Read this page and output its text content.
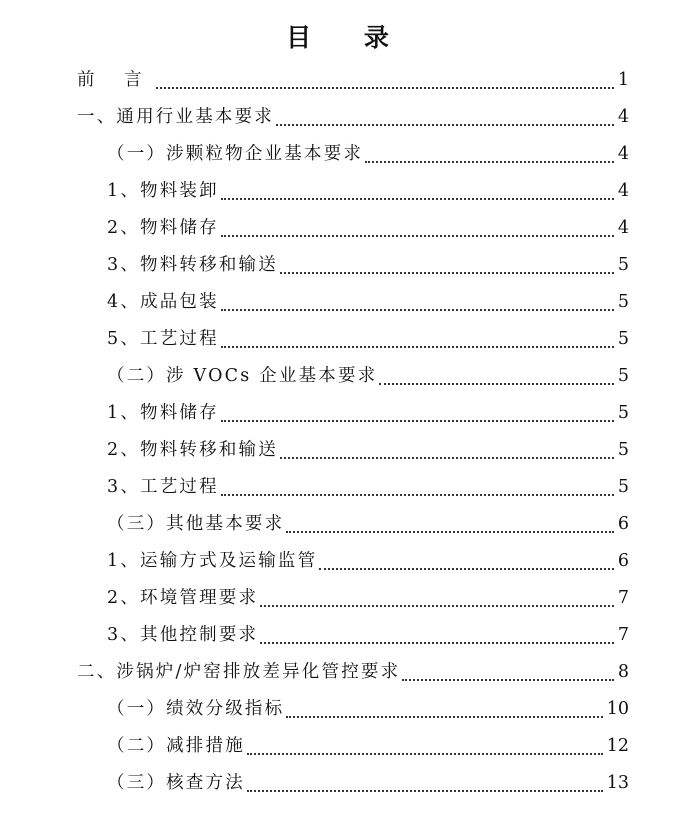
目 录
前 言	1
一、通用行业基本要求	4
（一）涉颗粒物企业基本要求	4
1、物料装卸	4
2、物料储存	4
3、物料转移和输送	5
4、成品包装	5
5、工艺过程	5
（二）涉 VOCs 企业基本要求	5
1、物料储存	5
2、物料转移和输送	5
3、工艺过程	5
（三）其他基本要求	6
1、运输方式及运输监管	6
2、环境管理要求	7
3、其他控制要求	7
二、涉锅炉/炉窑排放差异化管控要求	8
（一）绩效分级指标	10
（二）减排措施	12
（三）核查方法	13
